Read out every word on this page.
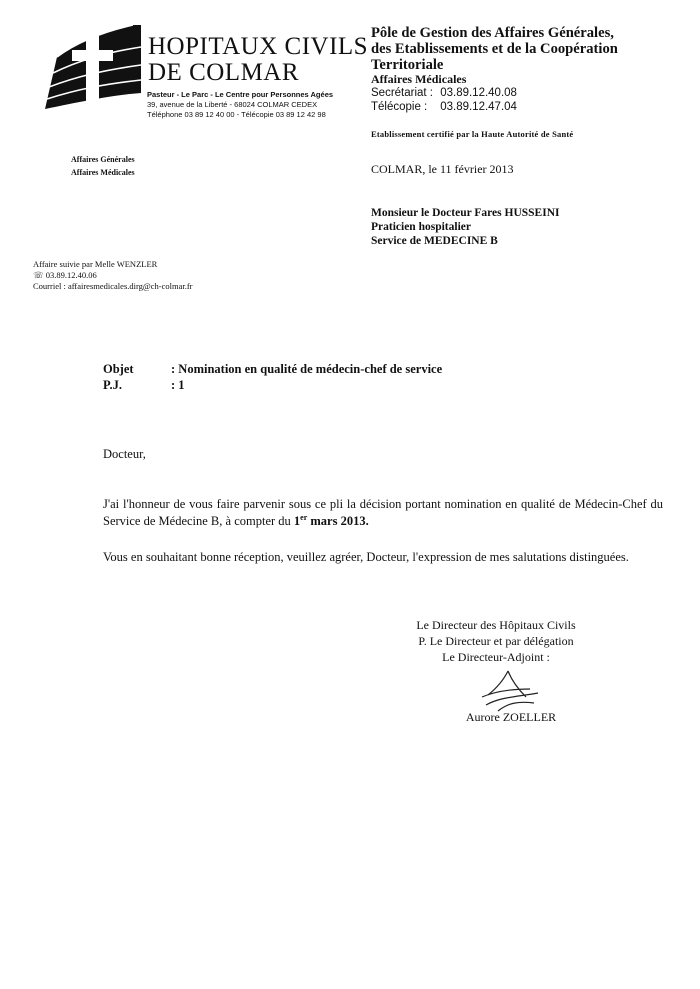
HOPITAUX CIVILS
DE COLMAR
Pasteur - Le Parc - Le Centre pour Personnes Agées
39, avenue de la Liberté - 68024 COLMAR CEDEX
Téléphone 03 89 12 40 00 - Télécopie 03 89 12 42 98
Pôle de Gestion des Affaires Générales,
des Etablissements et de la Coopération
Territoriale
Affaires Médicales
Secrétariat : 03.89.12.40.08
Télécopie : 03.89.12.47.04
Etablissement certifié par la Haute Autorité de Santé
Affaires Générales
Affaires Médicales	COLMAR, le 11 février 2013
Monsieur le Docteur Fares HUSSEINI
Praticien hospitalier
Service de MEDECINE B
Affaire suivie par Melle WENZLER
☏ 03.89.12.40.06
Courriel : affairesmedicales.dirg@ch-colmar.fr
Objet	: Nomination en qualité de médecin-chef de service
P.J.	: 1
Docteur,
J'ai l'honneur de vous faire parvenir sous ce pli la décision portant nomination en qualité de Médecin-Chef du Service de Médecine B, à compter du 1er mars 2013.
Vous en souhaitant bonne réception, veuillez agréer, Docteur, l'expression de mes salutations distinguées.
Le Directeur des Hôpitaux Civils
P. Le Directeur et par délégation
Le Directeur-Adjoint :
Aurore ZOELLER
